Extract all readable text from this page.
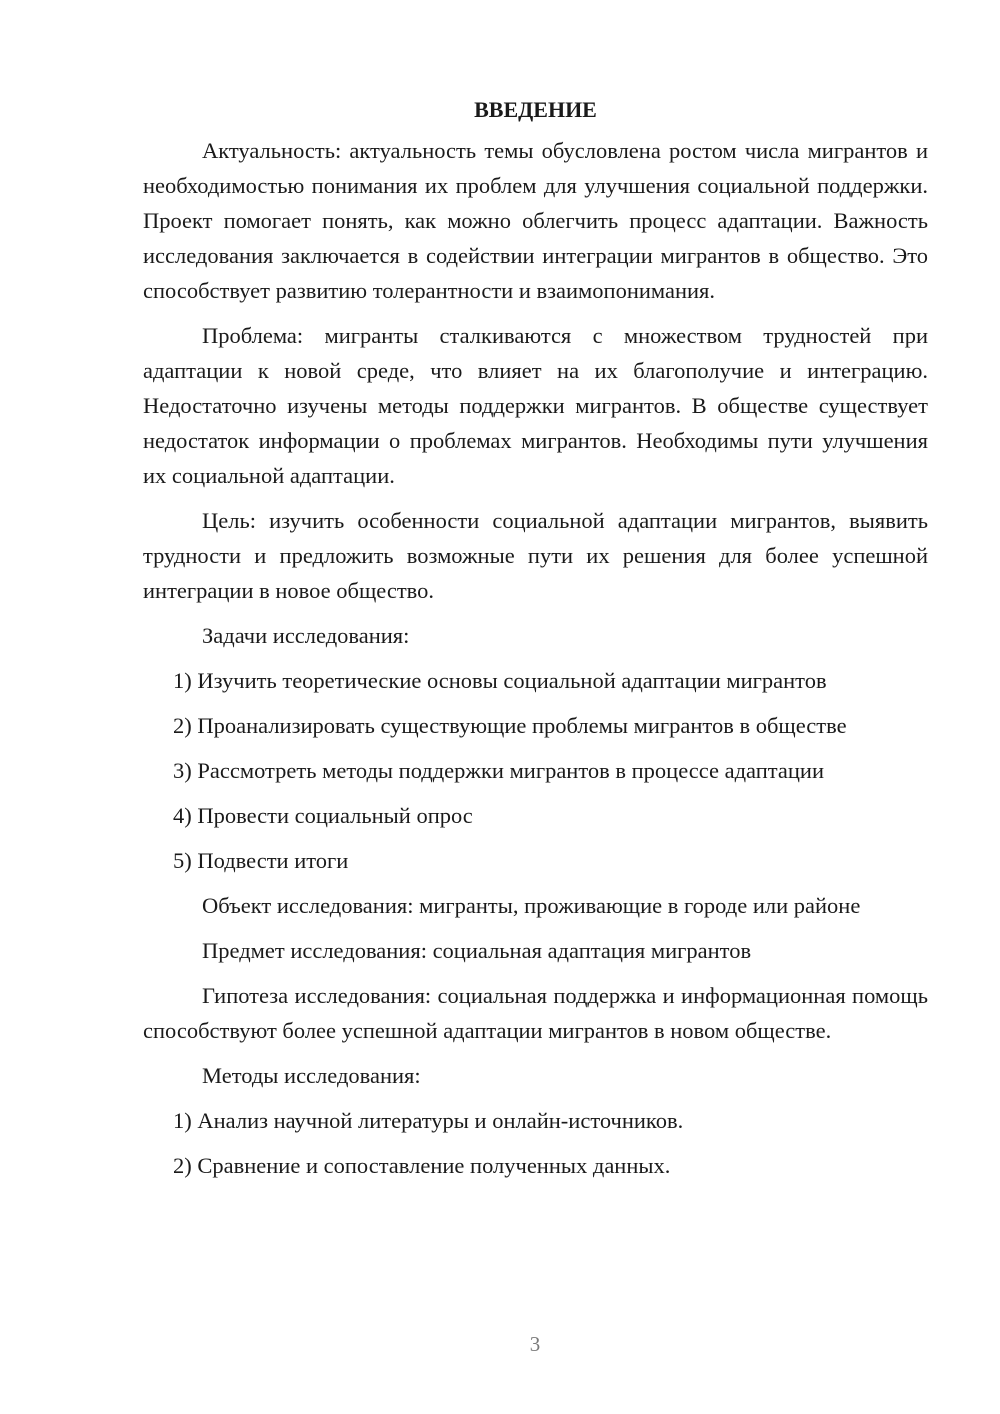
ВВЕДЕНИЕ

Актуальность: актуальность темы обусловлена ростом числа мигрантов и необходимостью понимания их проблем для улучшения социальной поддержки. Проект помогает понять, как можно облегчить процесс адаптации. Важность исследования заключается в содействии интеграции мигрантов в общество. Это способствует развитию толерантности и взаимопонимания.

Проблема: мигранты сталкиваются с множеством трудностей при адаптации к новой среде, что влияет на их благополучие и интеграцию. Недостаточно изучены методы поддержки мигрантов. В обществе существует недостаток информации о проблемах мигрантов. Необходимы пути улучшения их социальной адаптации.

Цель: изучить особенности социальной адаптации мигрантов, выявить трудности и предложить возможные пути их решения для более успешной интеграции в новое общество.

Задачи исследования:

1) Изучить теоретические основы социальной адаптации мигрантов

2) Проанализировать существующие проблемы мигрантов в обществе

3) Рассмотреть методы поддержки мигрантов в процессе адаптации

4) Провести социальный опрос

5) Подвести итоги

Объект исследования: мигранты, проживающие в городе или районе

Предмет исследования: социальная адаптация мигрантов

Гипотеза исследования: социальная поддержка и информационная помощь способствуют более успешной адаптации мигрантов в новом обществе.

Методы исследования:

1) Анализ научной литературы и онлайн-источников.

2) Сравнение и сопоставление полученных данных.

3
